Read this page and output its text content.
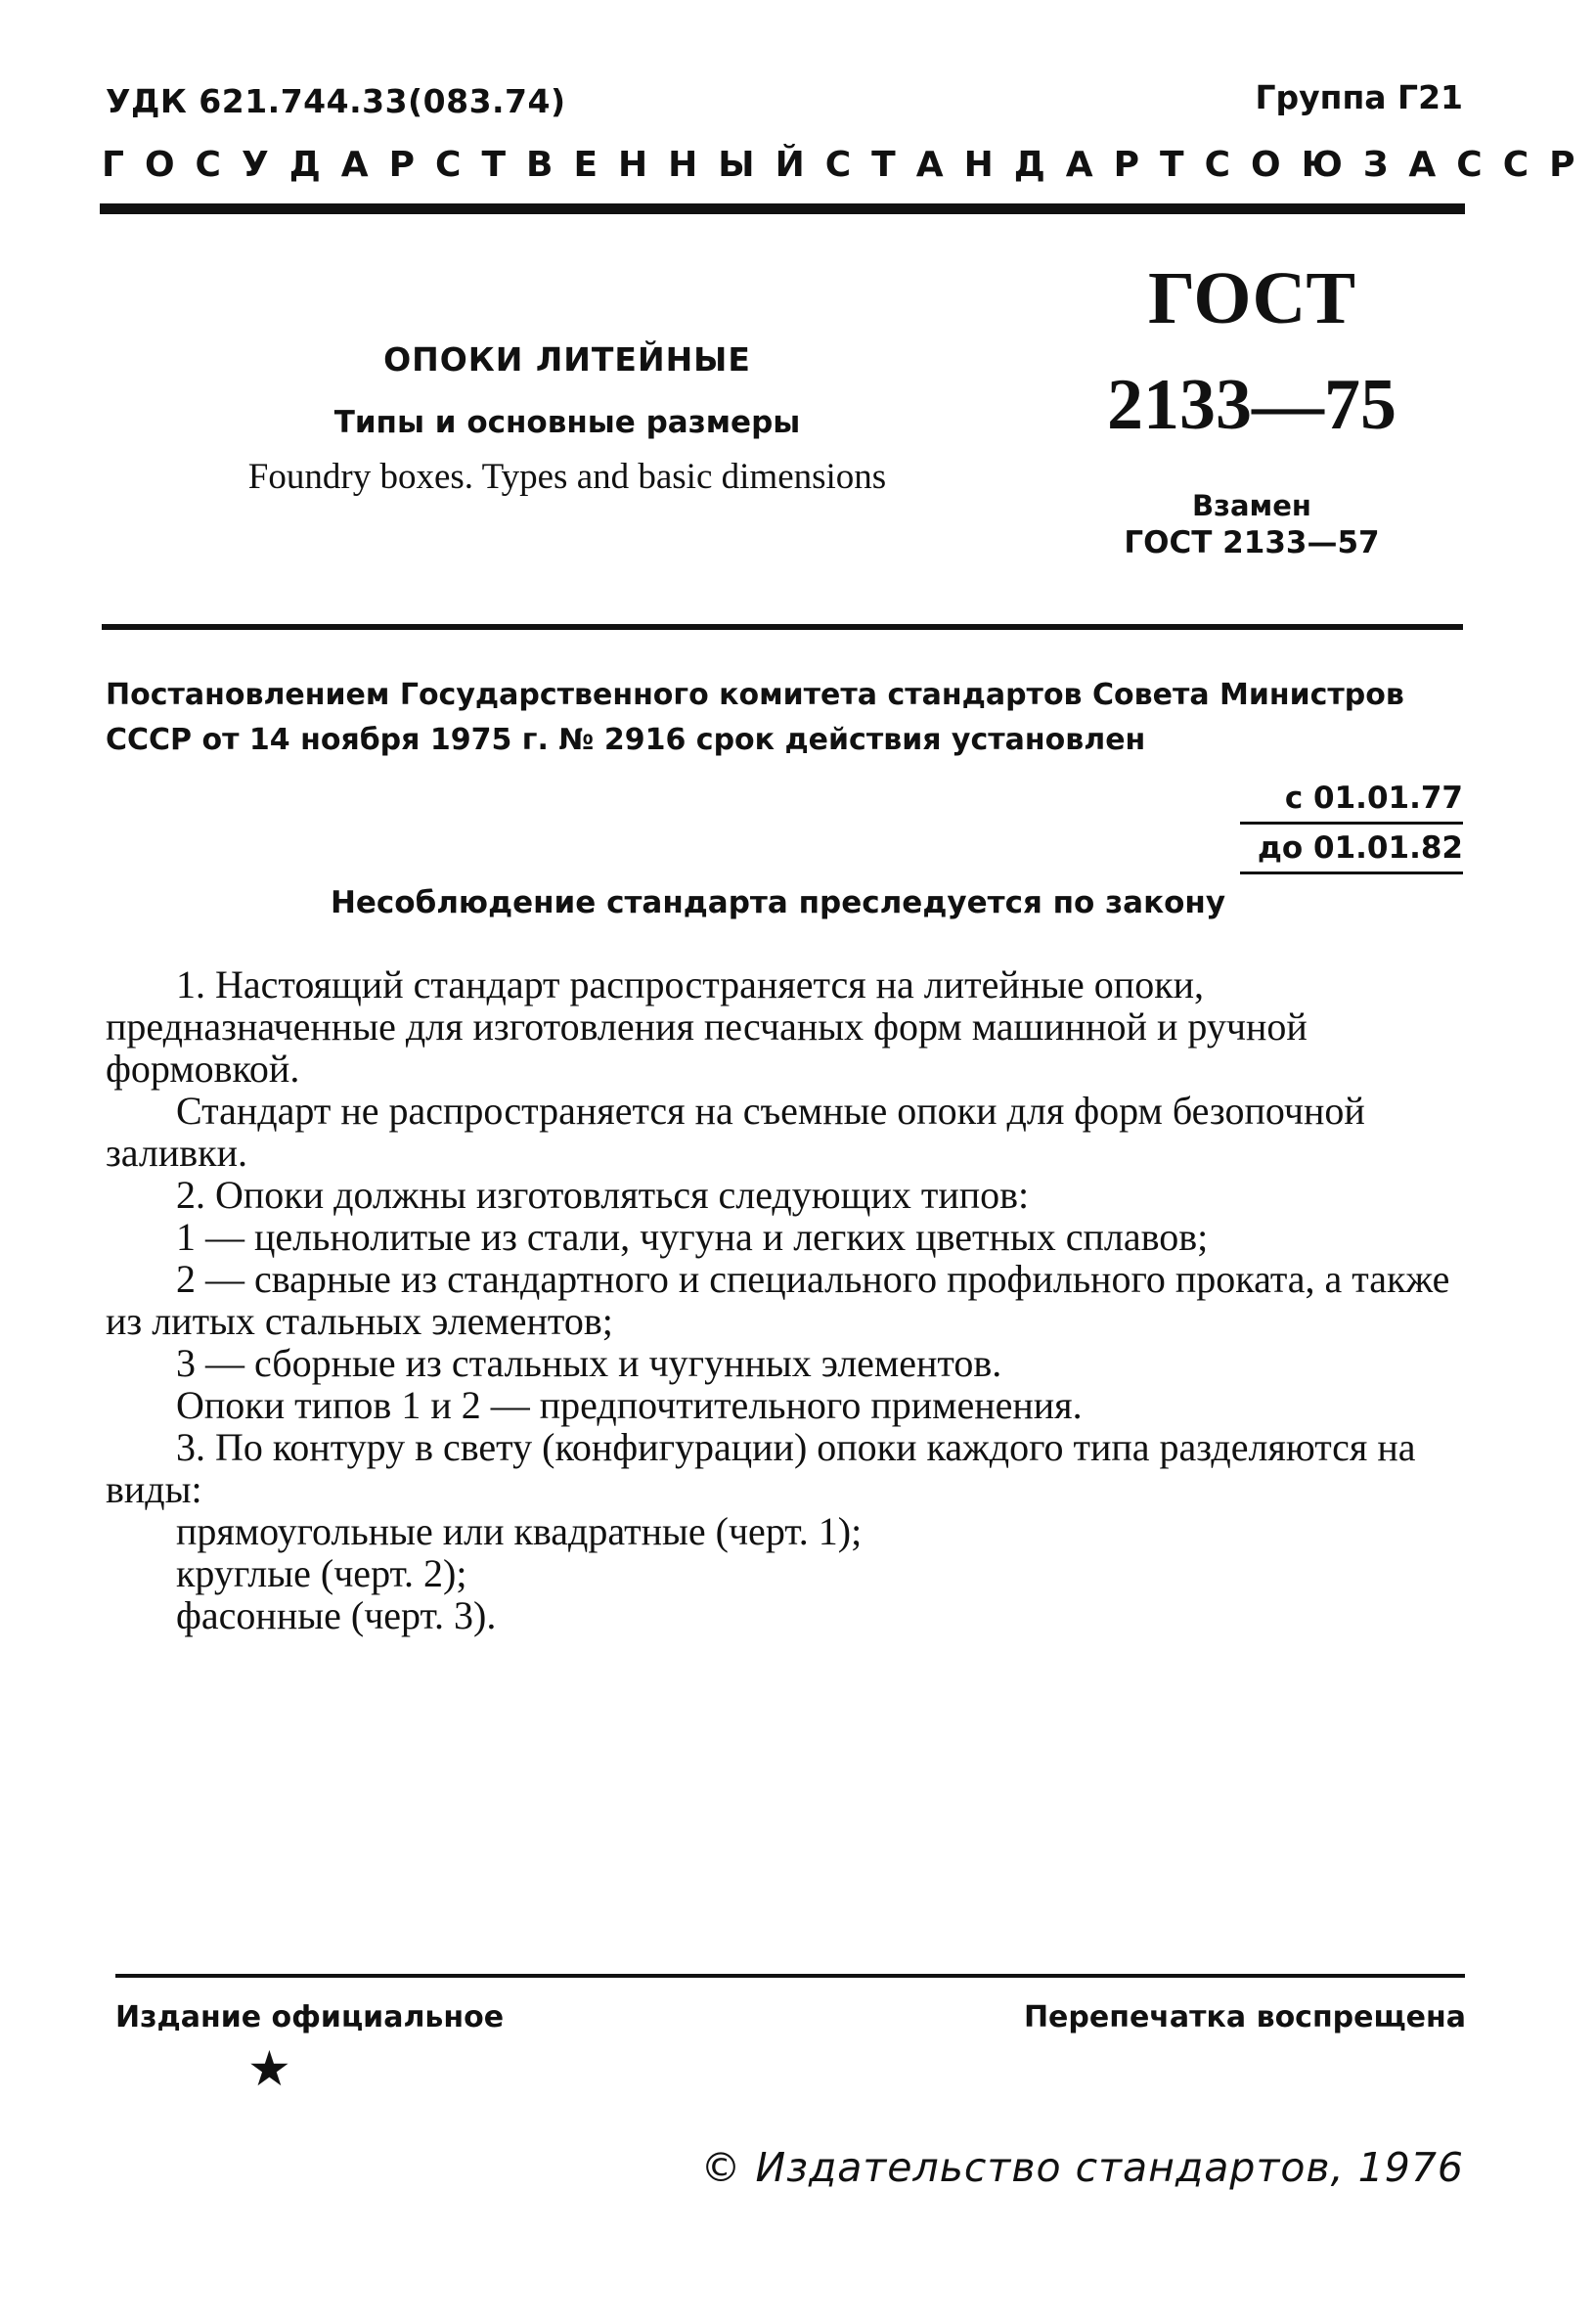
УДК 621.744.33(083.74)	Группа Г21
ГОСУДАРСТВЕННЫЙ СТАНДАРТ СОЮЗА ССР
ОПОКИ ЛИТЕЙНЫЕ
Типы и основные размеры
Foundry boxes. Types and basic dimensions
ГОСТ
2133—75
Взамен
ГОСТ 2133—57
Постановлением Государственного комитета стандартов Совета Министров СССР от 14 ноября 1975 г. № 2916 срок действия установлен
с 01.01.77
до 01.01.82
Несоблюдение стандарта преследуется по закону

1. Настоящий стандарт распространяется на литейные опоки, предназначенные для изготовления песчаных форм машинной и ручной формовкой.

Стандарт не распространяется на съемные опоки для форм безопочной заливки.

2. Опоки должны изготовляться следующих типов:

1 — цельнолитые из стали, чугуна и легких цветных сплавов;

2 — сварные из стандартного и специального профильного проката, а также из литых стальных элементов;

3 — сборные из стальных и чугунных элементов.

Опоки типов 1 и 2 — предпочтительного применения.

3. По контуру в свету (конфигурации) опоки каждого типа разделяются на виды:

прямоугольные или квадратные (черт. 1);

круглые (черт. 2);

фасонные (черт. 3).

Издание официальное	Перепечатка воспрещена
★
© Издательство стандартов, 1976
